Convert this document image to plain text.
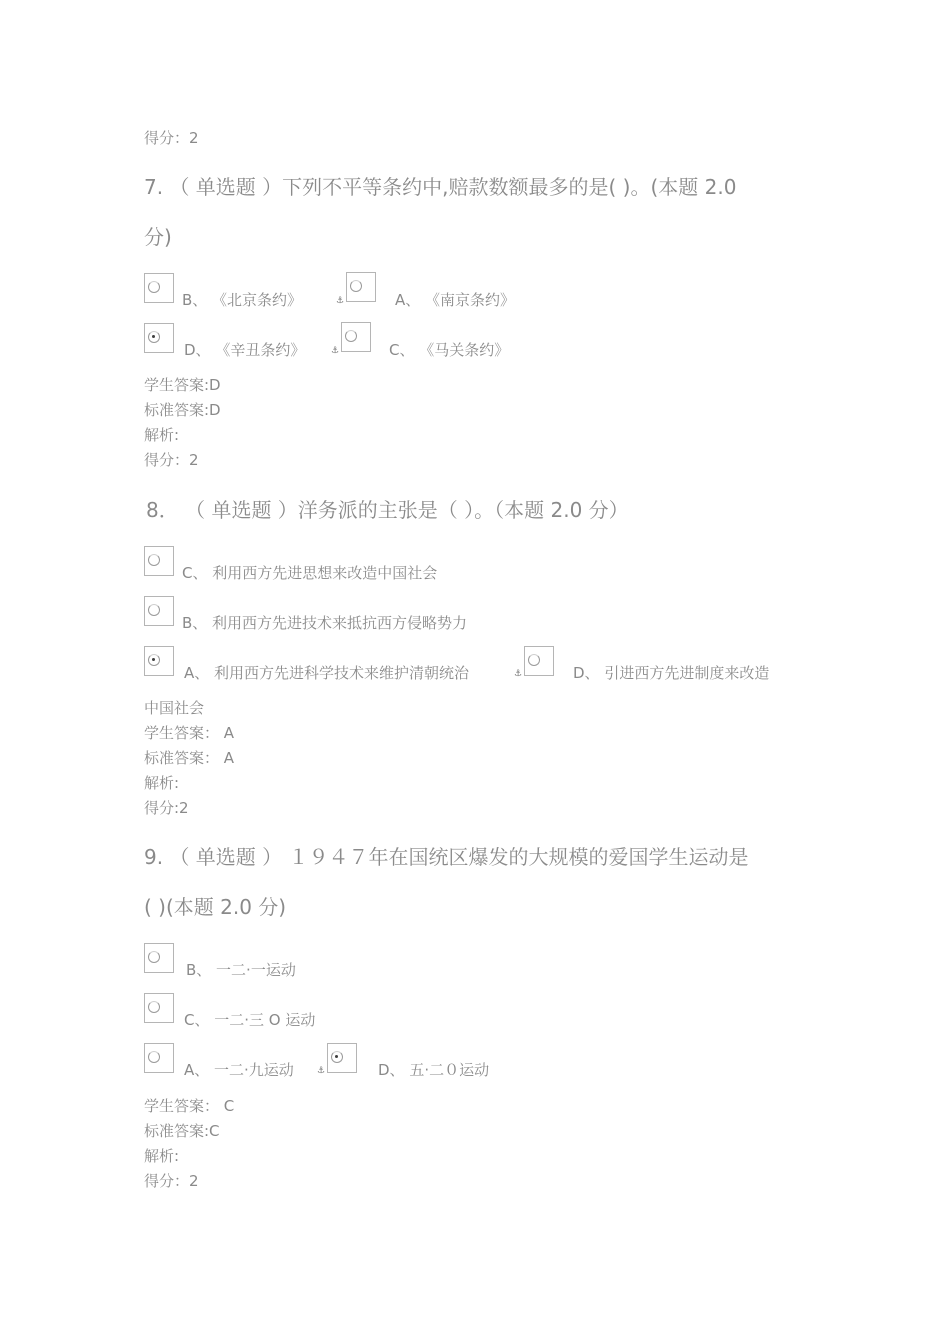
得分：2
7. （ 单选题 ）下列不平等条约中,赔款数额最多的是( )。(本题 2.0
分)
B、 《北京条约》	⚓	A、 《南京条约》
D、 《辛丑条约》	⚓	C、 《马关条约》
学生答案:D
标准答案:D
解析:
得分：2
8． （ 单选题 ）洋务派的主张是（ ）。（本题 2.0 分）
C、 利用西方先进思想来改造中国社会
B、 利用西方先进技术来抵抗西方侵略势力
A、 利用西方先进科学技术来维护清朝统治	⚓	D、 引进西方先进制度来改造
中国社会
学生答案： A
标准答案： A
解析:
得分:2
9. （ 单选题 ） １９４７年在国统区爆发的大规模的爱国学生运动是
( )(本题 2.0 分)
B、 一二·一运动
C、 一二·三 O 运动
A、 一二·九运动	⚓	D、 五·二０运动
学生答案： C
标准答案:C
解析:
得分：2
